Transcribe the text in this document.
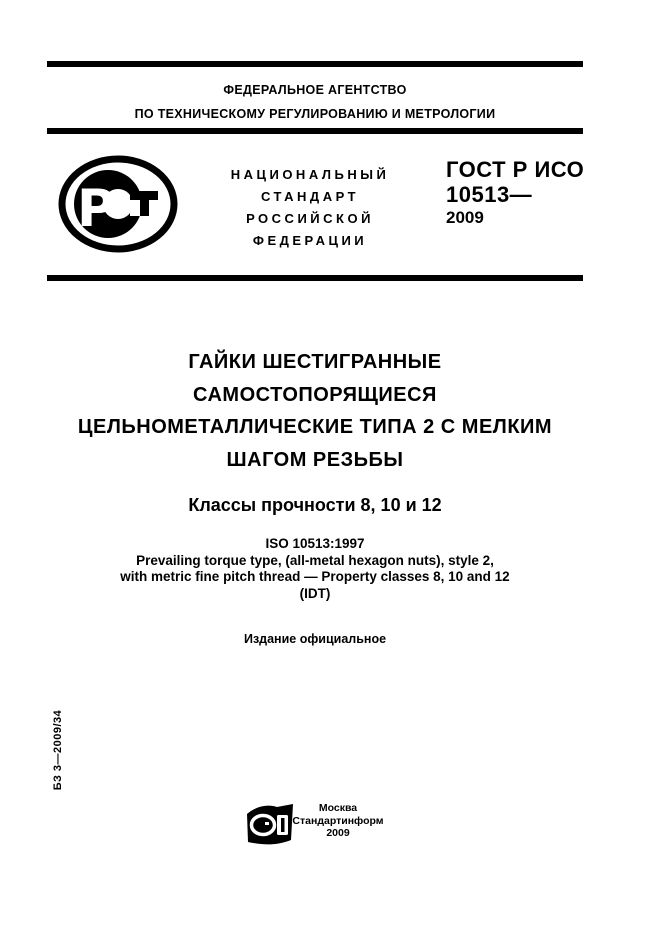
ФЕДЕРАЛЬНОЕ АГЕНТСТВО
ПО ТЕХНИЧЕСКОМУ РЕГУЛИРОВАНИЮ И МЕТРОЛОГИИ
Р
НАЦИОНАЛЬНЫЙ
СТАНДАРТ
РОССИЙСКОЙ
ФЕДЕРАЦИИ
ГОСТ Р ИСО
10513—
2009
ГАЙКИ ШЕСТИГРАННЫЕ
САМОСТОПОРЯЩИЕСЯ
ЦЕЛЬНОМЕТАЛЛИЧЕСКИЕ ТИПА 2 С МЕЛКИМ
ШАГОМ РЕЗЬБЫ
Классы прочности 8, 10 и 12
ISO 10513:1997
Prevailing torque type, (all-metal hexagon nuts), style 2,
with metric fine pitch thread — Property classes 8, 10 and 12
(IDT)
Издание официальное
БЗ 3—2009/34
Москва
Стандартинформ
2009
